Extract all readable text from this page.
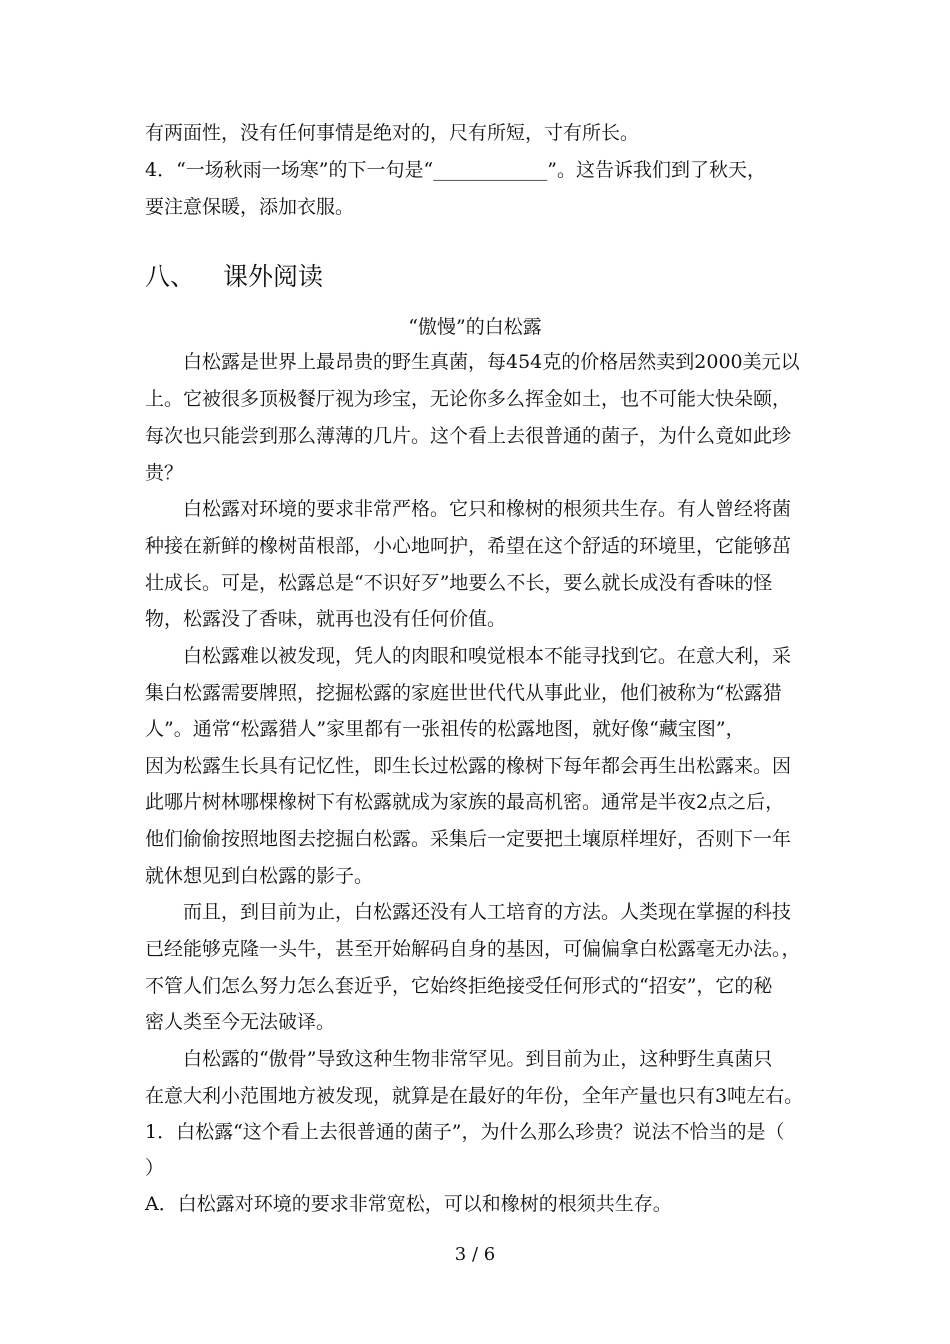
有两面性，没有任何事情是绝对的，尺有所短，寸有所长。
4．“一场秋雨一场寒”的下一句是“____________”。这告诉我们到了秋天，
要注意保暖，添加衣服。
八、 课外阅读
“傲慢”的白松露
白松露是世界上最昂贵的野生真菌，每454克的价格居然卖到2000美元以
上。它被很多顶极餐厅视为珍宝，无论你多么挥金如土，也不可能大快朵颐，
每次也只能尝到那么薄薄的几片。这个看上去很普通的菌子，为什么竟如此珍
贵？
白松露对环境的要求非常严格。它只和橡树的根须共生存。有人曾经将菌
种接在新鲜的橡树苗根部，小心地呵护，希望在这个舒适的环境里，它能够茁
壮成长。可是，松露总是“不识好歹”地要么不长，要么就长成没有香味的怪
物，松露没了香味，就再也没有任何价值。
白松露难以被发现，凭人的肉眼和嗅觉根本不能寻找到它。在意大利，采
集白松露需要牌照，挖掘松露的家庭世世代代从事此业，他们被称为“松露猎
人”。通常“松露猎人”家里都有一张祖传的松露地图，就好像“藏宝图”，
因为松露生长具有记忆性，即生长过松露的橡树下每年都会再生出松露来。因
此哪片树林哪棵橡树下有松露就成为家族的最高机密。通常是半夜2点之后，
他们偷偷按照地图去挖掘白松露。采集后一定要把土壤原样埋好，否则下一年
就休想见到白松露的影子。
而且，到目前为止，白松露还没有人工培育的方法。人类现在掌握的科技
已经能够克隆一头牛，甚至开始解码自身的基因，可偏偏拿白松露毫无办法。，
不管人们怎么努力怎么套近乎，它始终拒绝接受任何形式的“招安”，它的秘
密人类至今无法破译。
白松露的“傲骨”导致这种生物非常罕见。到目前为止，这种野生真菌只
在意大利小范围地方被发现，就算是在最好的年份，全年产量也只有3吨左右。
1．白松露“这个看上去很普通的菌子”，为什么那么珍贵？说法不恰当的是（
）
A．白松露对环境的要求非常宽松，可以和橡树的根须共生存。
3 / 6
